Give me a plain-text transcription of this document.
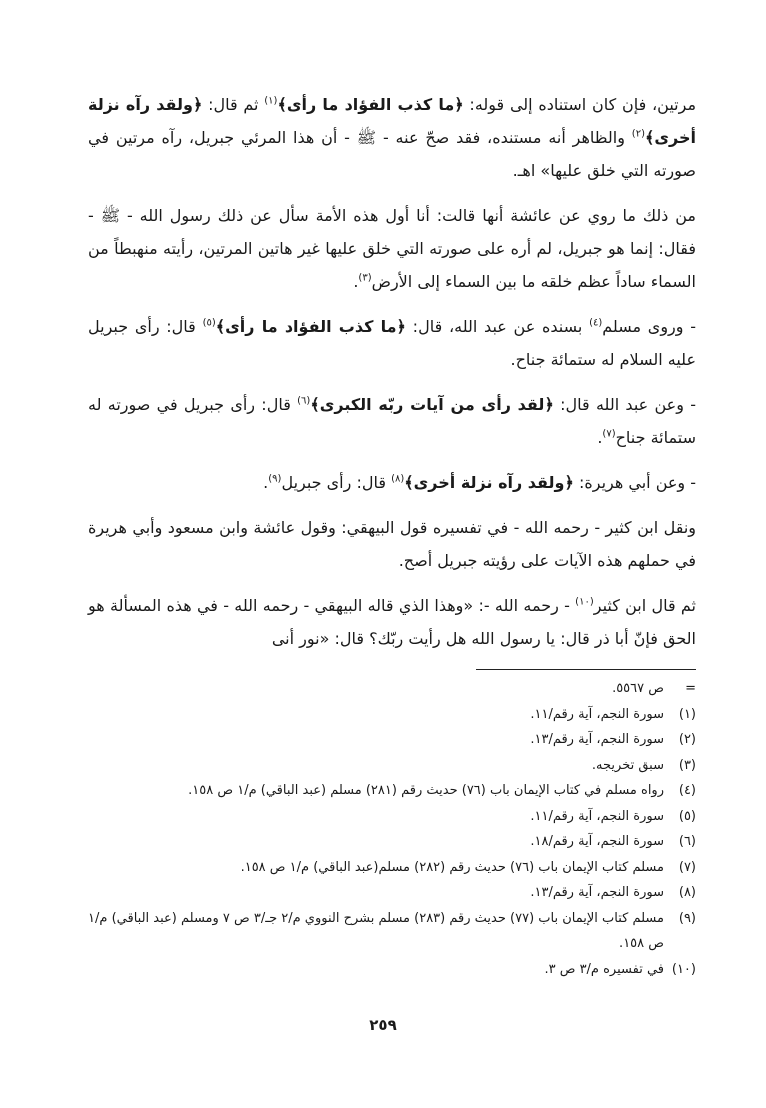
مرتين، فإن كان استناده إلى قوله: ﴿ما كذب الفؤاد ما رأى﴾$^{(١)}$ ثم قال: ﴿ولقد رآه نزلة أخرى﴾$^{(٢)}$ والظاهر أنه مستنده، فقد صحّ عنه - ﷺ - أن هذا المرئي جبريل، رآه مرتين في صورته التي خلق عليها» اهـ.

من ذلك ما روي عن عائشة أنها قالت: أنا أول هذه الأمة سأل عن ذلك رسول الله - ﷺ - فقال: إنما هو جبريل، لم أره على صورته التي خلق عليها غير هاتين المرتين، رأيته منهبطاً من السماء ساداً عظم خلقه ما بين السماء إلى الأرض$^{(٣)}$.

- وروى مسلم$^{(٤)}$ بسنده عن عبد الله، قال: ﴿ما كذب الفؤاد ما رأى﴾$^{(٥)}$ قال: رأى جبريل عليه السلام له ستمائة جناح.

- وعن عبد الله قال: ﴿لقد رأى من آيات ربّه الكبرى﴾$^{(٦)}$ قال: رأى جبريل في صورته له ستمائة جناح$^{(٧)}$.

- وعن أبي هريرة: ﴿ولقد رآه نزلة أخرى﴾$^{(٨)}$ قال: رأى جبريل$^{(٩)}$.

ونقل ابن كثير - رحمه الله - في تفسيره قول البيهقي: وقول عائشة وابن مسعود وأبي هريرة في حملهم هذه الآيات على رؤيته جبريل أصح.

ثم قال ابن كثير$^{(١٠)}$ - رحمه الله -: «وهذا الذي قاله البيهقي - رحمه الله - في هذه المسألة هو الحق فإنّ أبا ذر قال: يا رسول الله هل رأيت ربّك؟ قال: «نور أنى

=
ص ٥٥٦٧.
(١)
سورة النجم، آية رقم/١١.
(٢)
سورة النجم، آية رقم/١٣.
(٣)
سبق تخريجه.
(٤)
رواه مسلم في كتاب الإيمان باب (٧٦) حديث رقم (٢٨١) مسلم (عبد الباقي) م/١ ص ١٥٨.
(٥)
سورة النجم، آية رقم/١١.
(٦)
سورة النجم، آية رقم/١٨.
(٧)
مسلم كتاب الإيمان باب (٧٦) حديث رقم (٢٨٢) مسلم(عبد الباقي) م/١ ص ١٥٨.
(٨)
سورة النجم، آية رقم/١٣.
(٩)
مسلم كتاب الإيمان باب (٧٧) حديث رقم (٢٨٣) مسلم بشرح النووي م/٢ جـ/٣ ص ٧ ومسلم (عبد الباقي) م/١ ص ١٥٨.
(١٠)
في تفسيره م/٣ ص ٣.
٢٥٩
